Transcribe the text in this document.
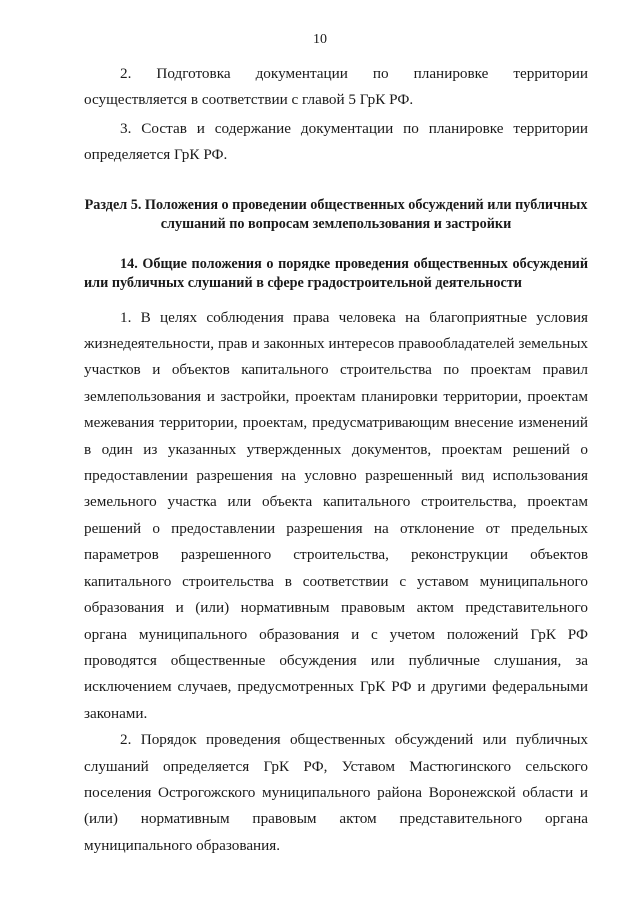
10

2. Подготовка документации по планировке территории осуществляется в соответствии с главой 5 ГрК РФ.

3. Состав и содержание документации по планировке территории определяется ГрК РФ.

Раздел 5. Положения о проведении общественных обсуждений или публичных слушаний по вопросам землепользования и застройки
14. Общие положения о порядке проведения общественных обсуждений или публичных слушаний в сфере градостроительной деятельности

1. В целях соблюдения права человека на благоприятные условия жизнедеятельности, прав и законных интересов правообладателей земельных участков и объектов капитального строительства по проектам правил землепользования и застройки, проектам планировки территории, проектам межевания территории, проектам, предусматривающим внесение изменений в один из указанных утвержденных документов, проектам решений о предоставлении разрешения на условно разрешенный вид использования земельного участка или объекта капитального строительства, проектам решений о предоставлении разрешения на отклонение от предельных параметров разрешенного строительства, реконструкции объектов капитального строительства в соответствии с уставом муниципального образования и (или) нормативным правовым актом представительного органа муниципального образования и с учетом положений ГрК РФ проводятся общественные обсуждения или публичные слушания, за исключением случаев, предусмотренных ГрК РФ и другими федеральными законами.

2. Порядок проведения общественных обсуждений или публичных слушаний определяется ГрК РФ, Уставом Мастюгинского сельского поселения Острогожского муниципального района Воронежской области и (или) нормативным правовым актом представительного органа муниципального образования.
